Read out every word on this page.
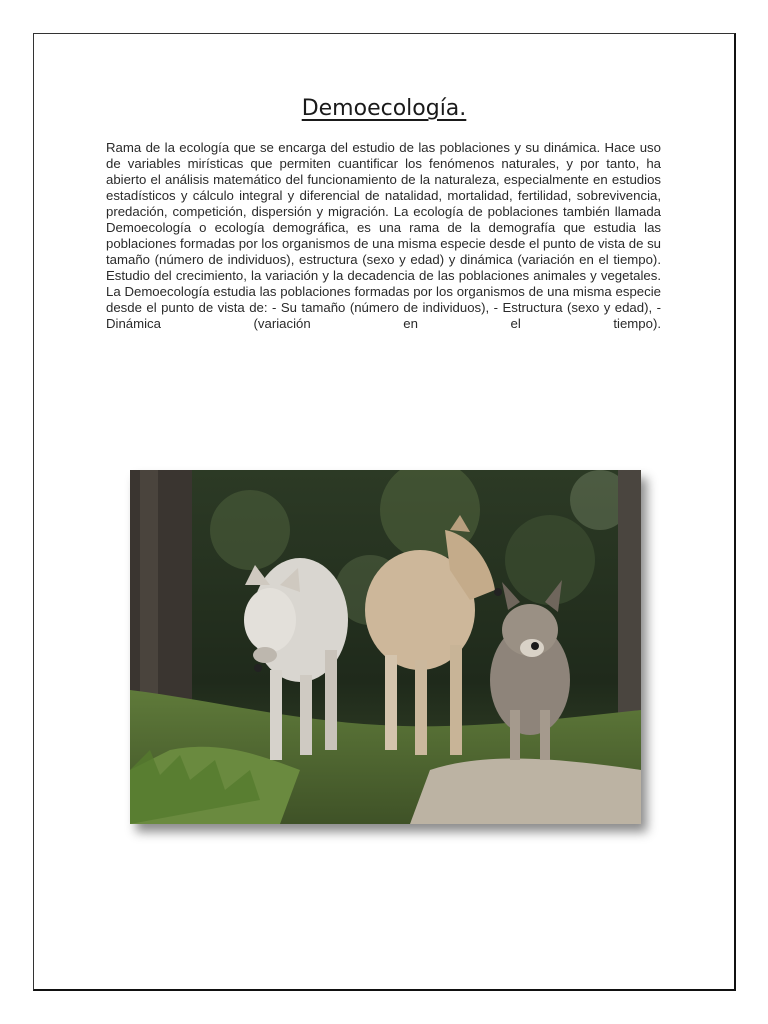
Demoecología.
Rama de la ecología que se encarga del estudio de las poblaciones y su dinámica. Hace uso de variables mirísticas que permiten cuantificar los fenómenos naturales, y por tanto, ha abierto el análisis matemático del funcionamiento de la naturaleza, especialmente en estudios estadísticos y cálculo integral y diferencial de natalidad, mortalidad, fertilidad, sobrevivencia, predación, competición, dispersión y migración. La ecología de poblaciones también llamada Demoecología o ecología demográfica, es una rama de la demografía que estudia las poblaciones formadas por los organismos de una misma especie desde el punto de vista de su tamaño (número de individuos), estructura (sexo y edad) y dinámica (variación en el tiempo). Estudio del crecimiento, la variación y la decadencia de las poblaciones animales y vegetales. La Demoecología estudia las poblaciones formadas por los organismos de una misma especie desde el punto de vista de: - Su tamaño (número de individuos), - Estructura (sexo y edad), - Dinámica (variación en el tiempo).
